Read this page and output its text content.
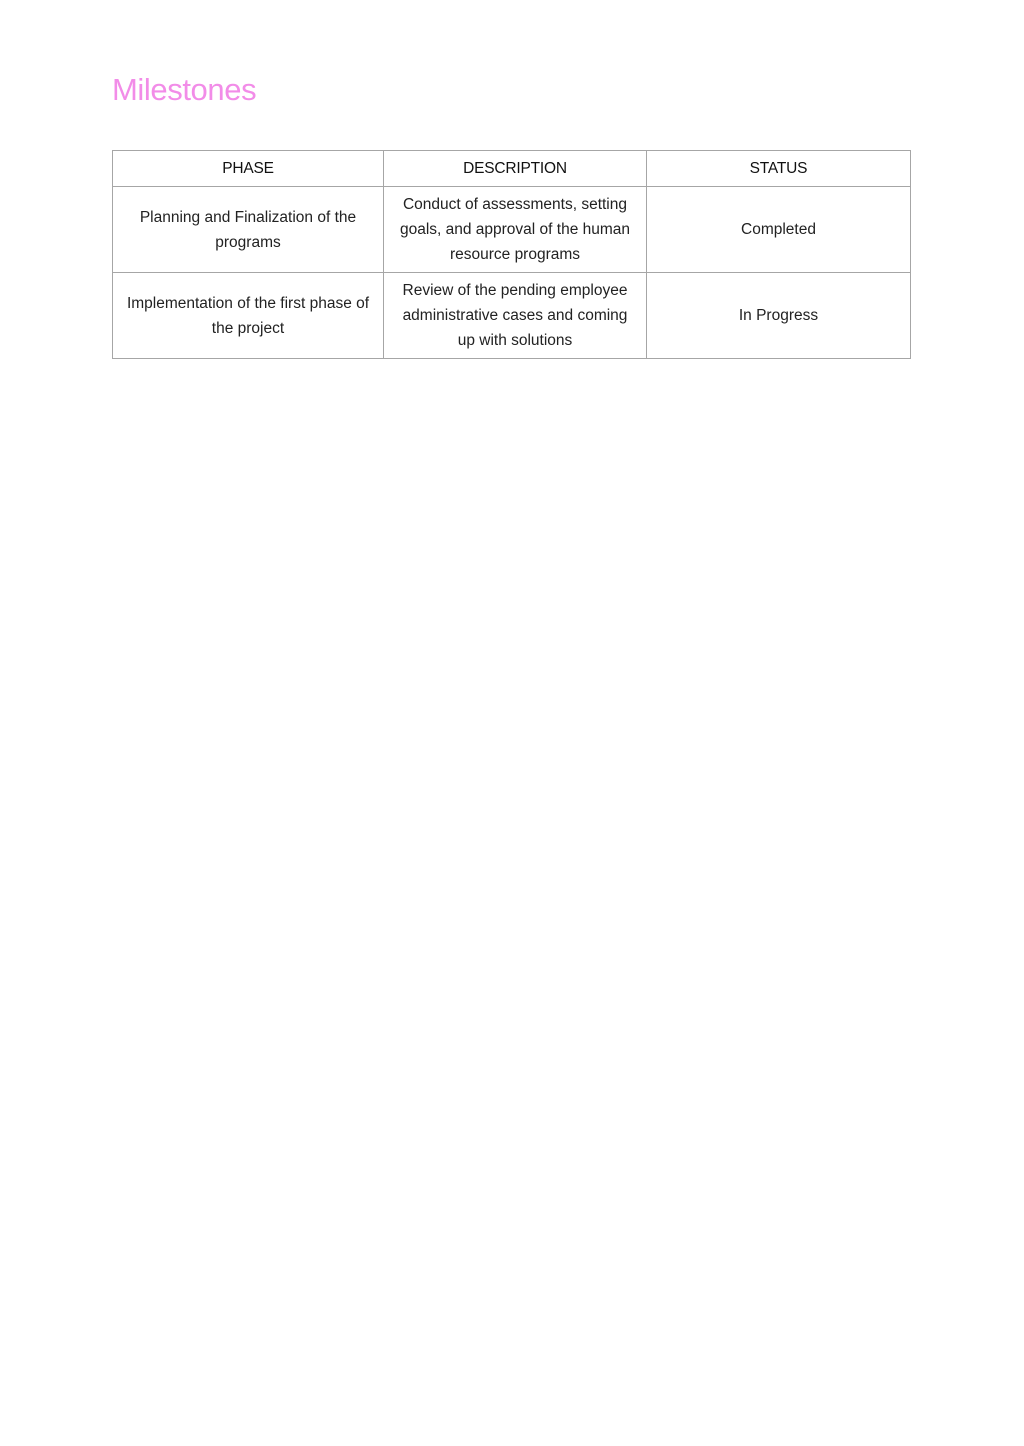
Milestones
PHASE	DESCRIPTION	STATUS
Planning and Finalization of the programs	Conduct of assessments, setting goals, and approval of the human resource programs	Completed
Implementation of the first phase of the project	Review of the pending employee administrative cases and coming up with solutions	In Progress
